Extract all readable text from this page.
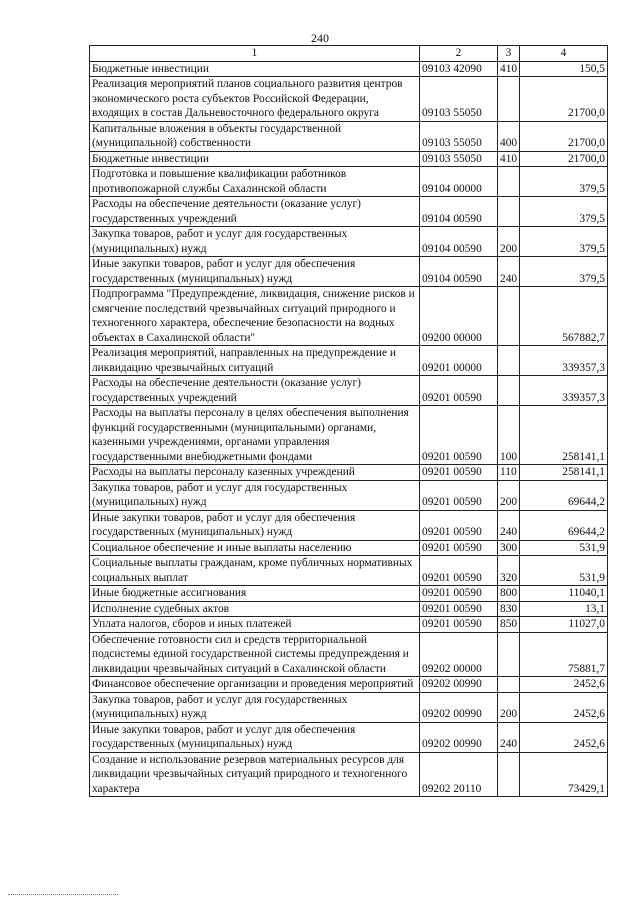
240
1	2	3	4
Бюджетные инвестиции	09103 42090	410	150,5
Реализация мероприятий планов социального развития центров экономического роста субъектов Российской Федерации, входящих в состав Дальневосточного федерального округа	09103 55050		21700,0
Капитальные вложения в объекты государственной (муниципальной) собственности	09103 55050	400	21700,0
Бюджетные инвестиции	09103 55050	410	21700,0
Подготовка и повышение квалификации работников противопожарной службы Сахалинской области	09104 00000		379,5
Расходы на обеспечение деятельности (оказание услуг) государственных учреждений	09104 00590		379,5
Закупка товаров, работ и услуг для государственных (муниципальных) нужд	09104 00590	200	379,5
Иные закупки товаров, работ и услуг для обеспечения государственных (муниципальных) нужд	09104 00590	240	379,5
Подпрограмма "Предупреждение, ликвидация, снижение рисков и смягчение последствий чрезвычайных ситуаций природного и техногенного характера, обеспечение безопасности на водных объектах в Сахалинской области"	09200 00000		567882,7
Реализация мероприятий, направленных на предупреждение и ликвидацию чрезвычайных ситуаций	09201 00000		339357,3
Расходы на обеспечение деятельности (оказание услуг) государственных учреждений	09201 00590		339357,3
Расходы на выплаты персоналу в целях обеспечения выполнения функций государственными (муниципальными) органами, казенными учреждениями, органами управления государственными внебюджетными фондами	09201 00590	100	258141,1
Расходы на выплаты персоналу казенных учреждений	09201 00590	110	258141,1
Закупка товаров, работ и услуг для государственных (муниципальных) нужд	09201 00590	200	69644,2
Иные закупки товаров, работ и услуг для обеспечения государственных (муниципальных) нужд	09201 00590	240	69644,2
Социальное обеспечение и иные выплаты населению	09201 00590	300	531,9
Социальные выплаты гражданам, кроме публичных нормативных социальных выплат	09201 00590	320	531,9
Иные бюджетные ассигнования	09201 00590	800	11040,1
Исполнение судебных актов	09201 00590	830	13,1
Уплата налогов, сборов и иных платежей	09201 00590	850	11027,0
Обеспечение готовности сил и средств территориальной подсистемы единой государственной системы предупреждения и ликвидации чрезвычайных ситуаций в Сахалинской области	09202 00000		75881,7
Финансовое обеспечение организации и проведения мероприятий	09202 00990		2452,6
Закупка товаров, работ и услуг для государственных (муниципальных) нужд	09202 00990	200	2452,6
Иные закупки товаров, работ и услуг для обеспечения государственных (муниципальных) нужд	09202 00990	240	2452,6
Создание и использование резервов материальных ресурсов для ликвидации чрезвычайных ситуаций природного и техногенного характера	09202 20110		73429,1
